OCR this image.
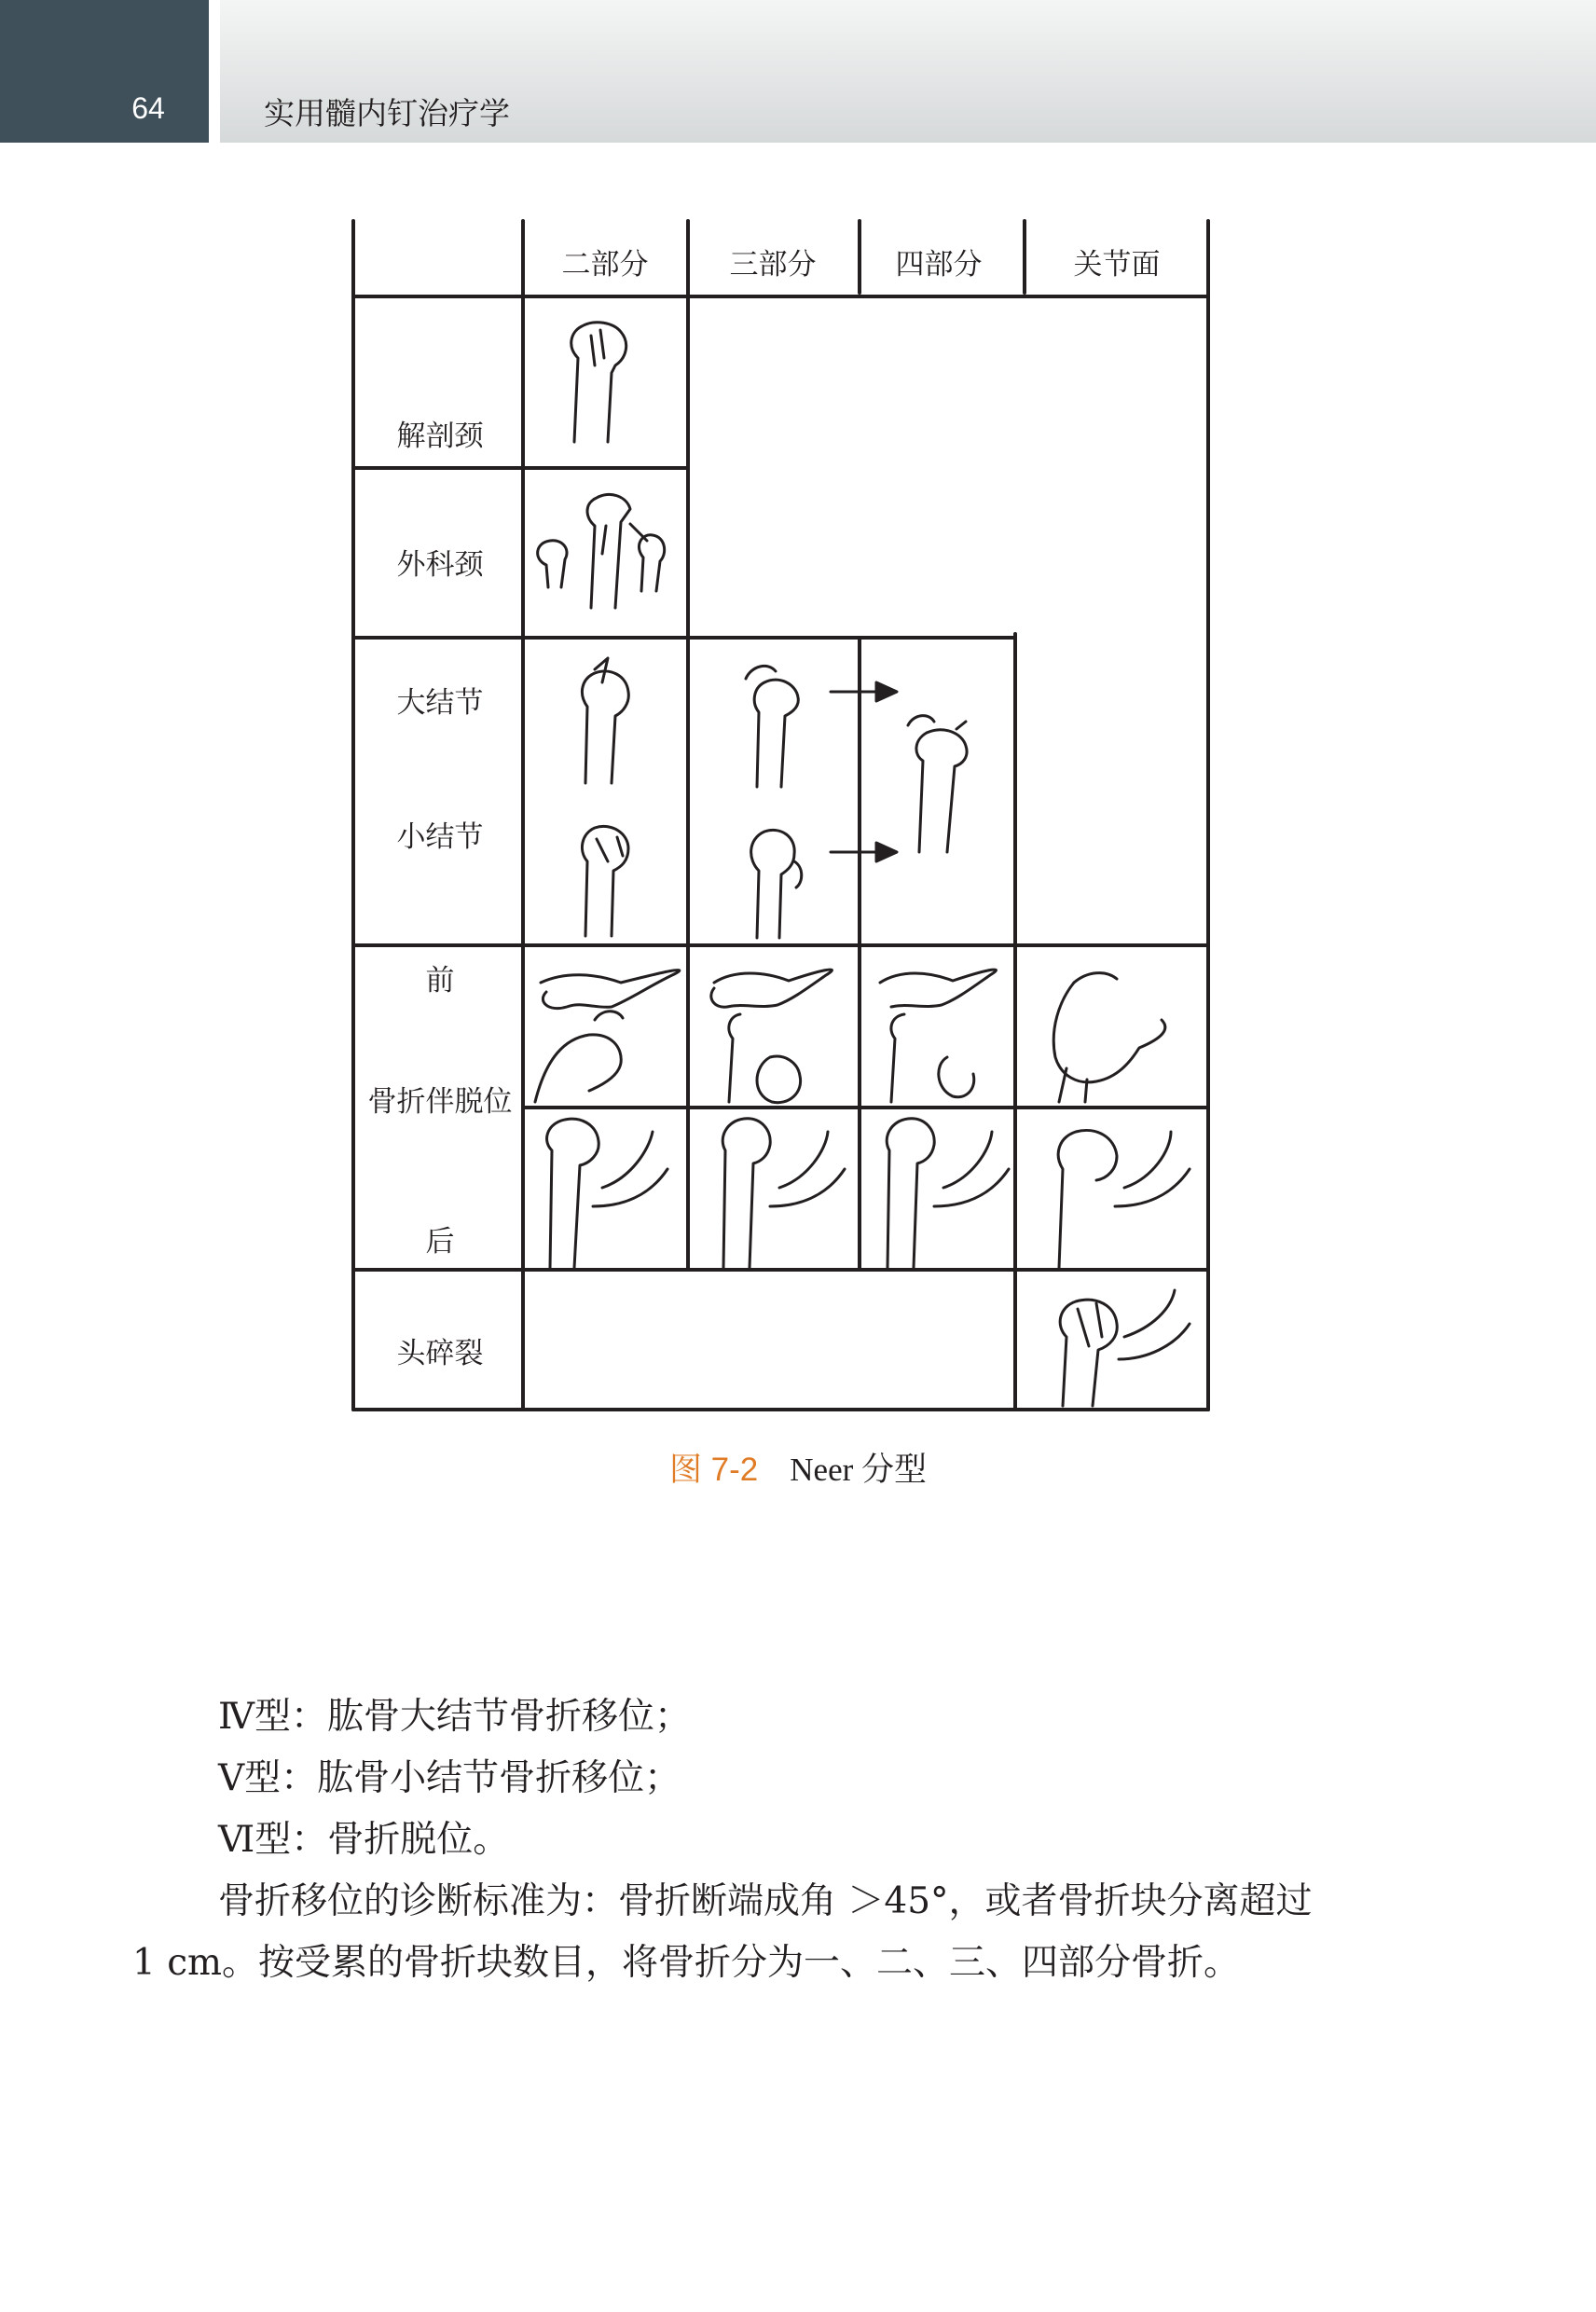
64	实用髓内钉治疗学
二部分	三部分	四部分	关节面
解剖颈
外科颈
大结节
小结节
前
骨折伴脱位
后
头碎裂
图 7-2 Neer 分型

Ⅳ型：肱骨大结节骨折移位；

Ⅴ型：肱骨小结节骨折移位；

Ⅵ型：骨折脱位。

骨折移位的诊断标准为：骨折断端成角 ＞45°，或者骨折块分离超过

1 cm。按受累的骨折块数目，将骨折分为一、二、三、四部分骨折。
